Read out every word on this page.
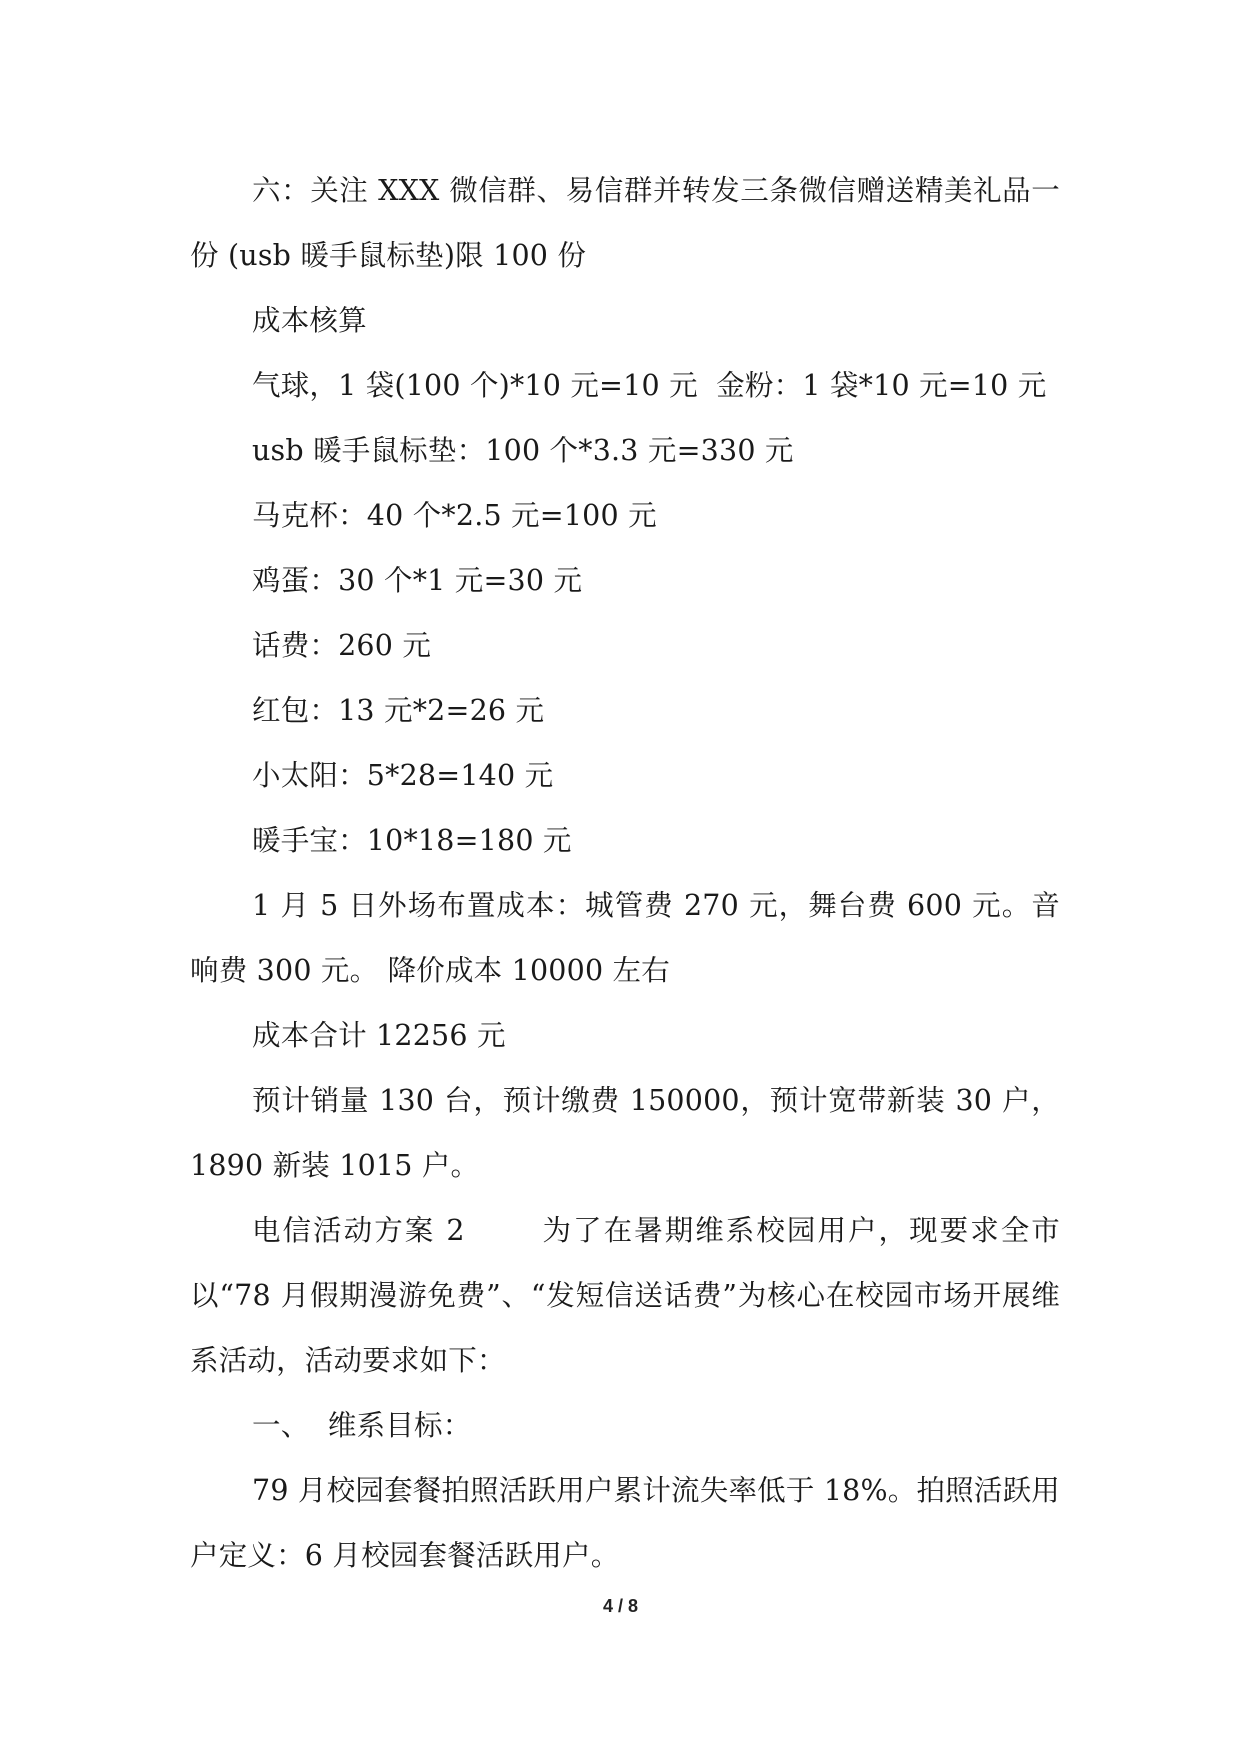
六：关注 XXX 微信群、易信群并转发三条微信赠送精美礼品一份 (usb 暖手鼠标垫)限 100 份

成本核算

气球，1 袋(100 个)*10 元=10 元  金粉：1 袋*10 元=10 元

usb 暖手鼠标垫：100 个*3.3 元=330 元

马克杯：40 个*2.5 元=100 元

鸡蛋：30 个*1 元=30 元

话费：260 元

红包：13 元*2=26 元

小太阳：5*28=140 元

暖手宝：10*18=180 元

1 月 5 日外场布置成本：城管费 270 元，舞台费 600 元。音响费 300 元。 降价成本 10000 左右

成本合计 12256 元

预计销量 130 台，预计缴费 150000，预计宽带新装 30 户，1890 新装 1015 户。

电信活动方案 2       为了在暑期维系校园用户，现要求全市以“78 月假期漫游免费”、“发短信送话费”为核心在校园市场开展维系活动，活动要求如下：

一、  维系目标：

79 月校园套餐拍照活跃用户累计流失率低于 18%。拍照活跃用户定义：6 月校园套餐活跃用户。

4 / 8
